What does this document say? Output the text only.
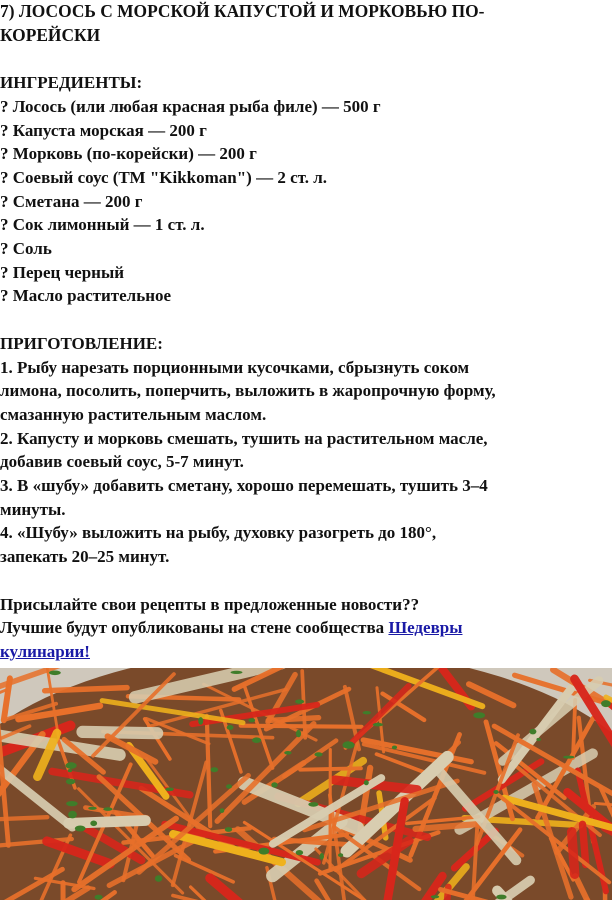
7) ЛОСОСЬ С МОРСКОЙ КАПУСТОЙ И МОРКОВЬЮ ПО-
КОРЕЙСКИ
ИНГРЕДИЕНТЫ:
? Лосось (или любая красная рыба филе) — 500 г
? Капуста морская — 200 г
? Морковь (по-корейски) — 200 г
? Соевый соус (ТМ "Kikkoman") — 2 ст. л.
? Сметана — 200 г
? Сок лимонный — 1 ст. л.
? Соль
? Перец черный
? Масло растительное
ПРИГОТОВЛЕНИЕ:
1. Рыбу нарезать порционными кусочками, сбрызнуть соком
лимона, посолить, поперчить, выложить в жаропрочную форму,
смазанную растительным маслом.
2. Капусту и морковь смешать, тушить на растительном масле,
добавив соевый соус, 5-7 минут.
3. В «шубу» добавить сметану, хорошо перемешать, тушить 3–4
минуты.
4. «Шубу» выложить на рыбу, духовку разогреть до 180°,
запекать 20–25 минут.
Присылайте свои рецепты в предложенные новости??
Лучшие будут опубликованы на стене сообщества Шедевры
кулинарии!
